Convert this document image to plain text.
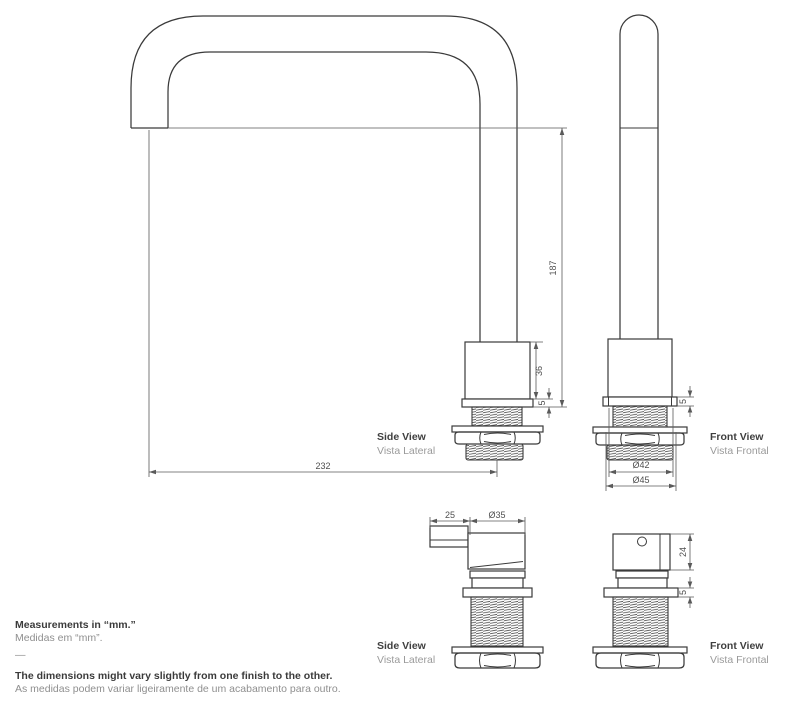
187
36
5
232
5
Ø42
Ø45
25	Ø35
24
5
Side View
Vista Lateral
Front View
Vista Frontal
Side View
Vista Lateral
Front View
Vista Frontal
Measurements in “mm.”
Medidas em “mm”.
—
The dimensions might vary slightly from one finish to the other.
As medidas podem variar ligeiramente de um acabamento para outro.
